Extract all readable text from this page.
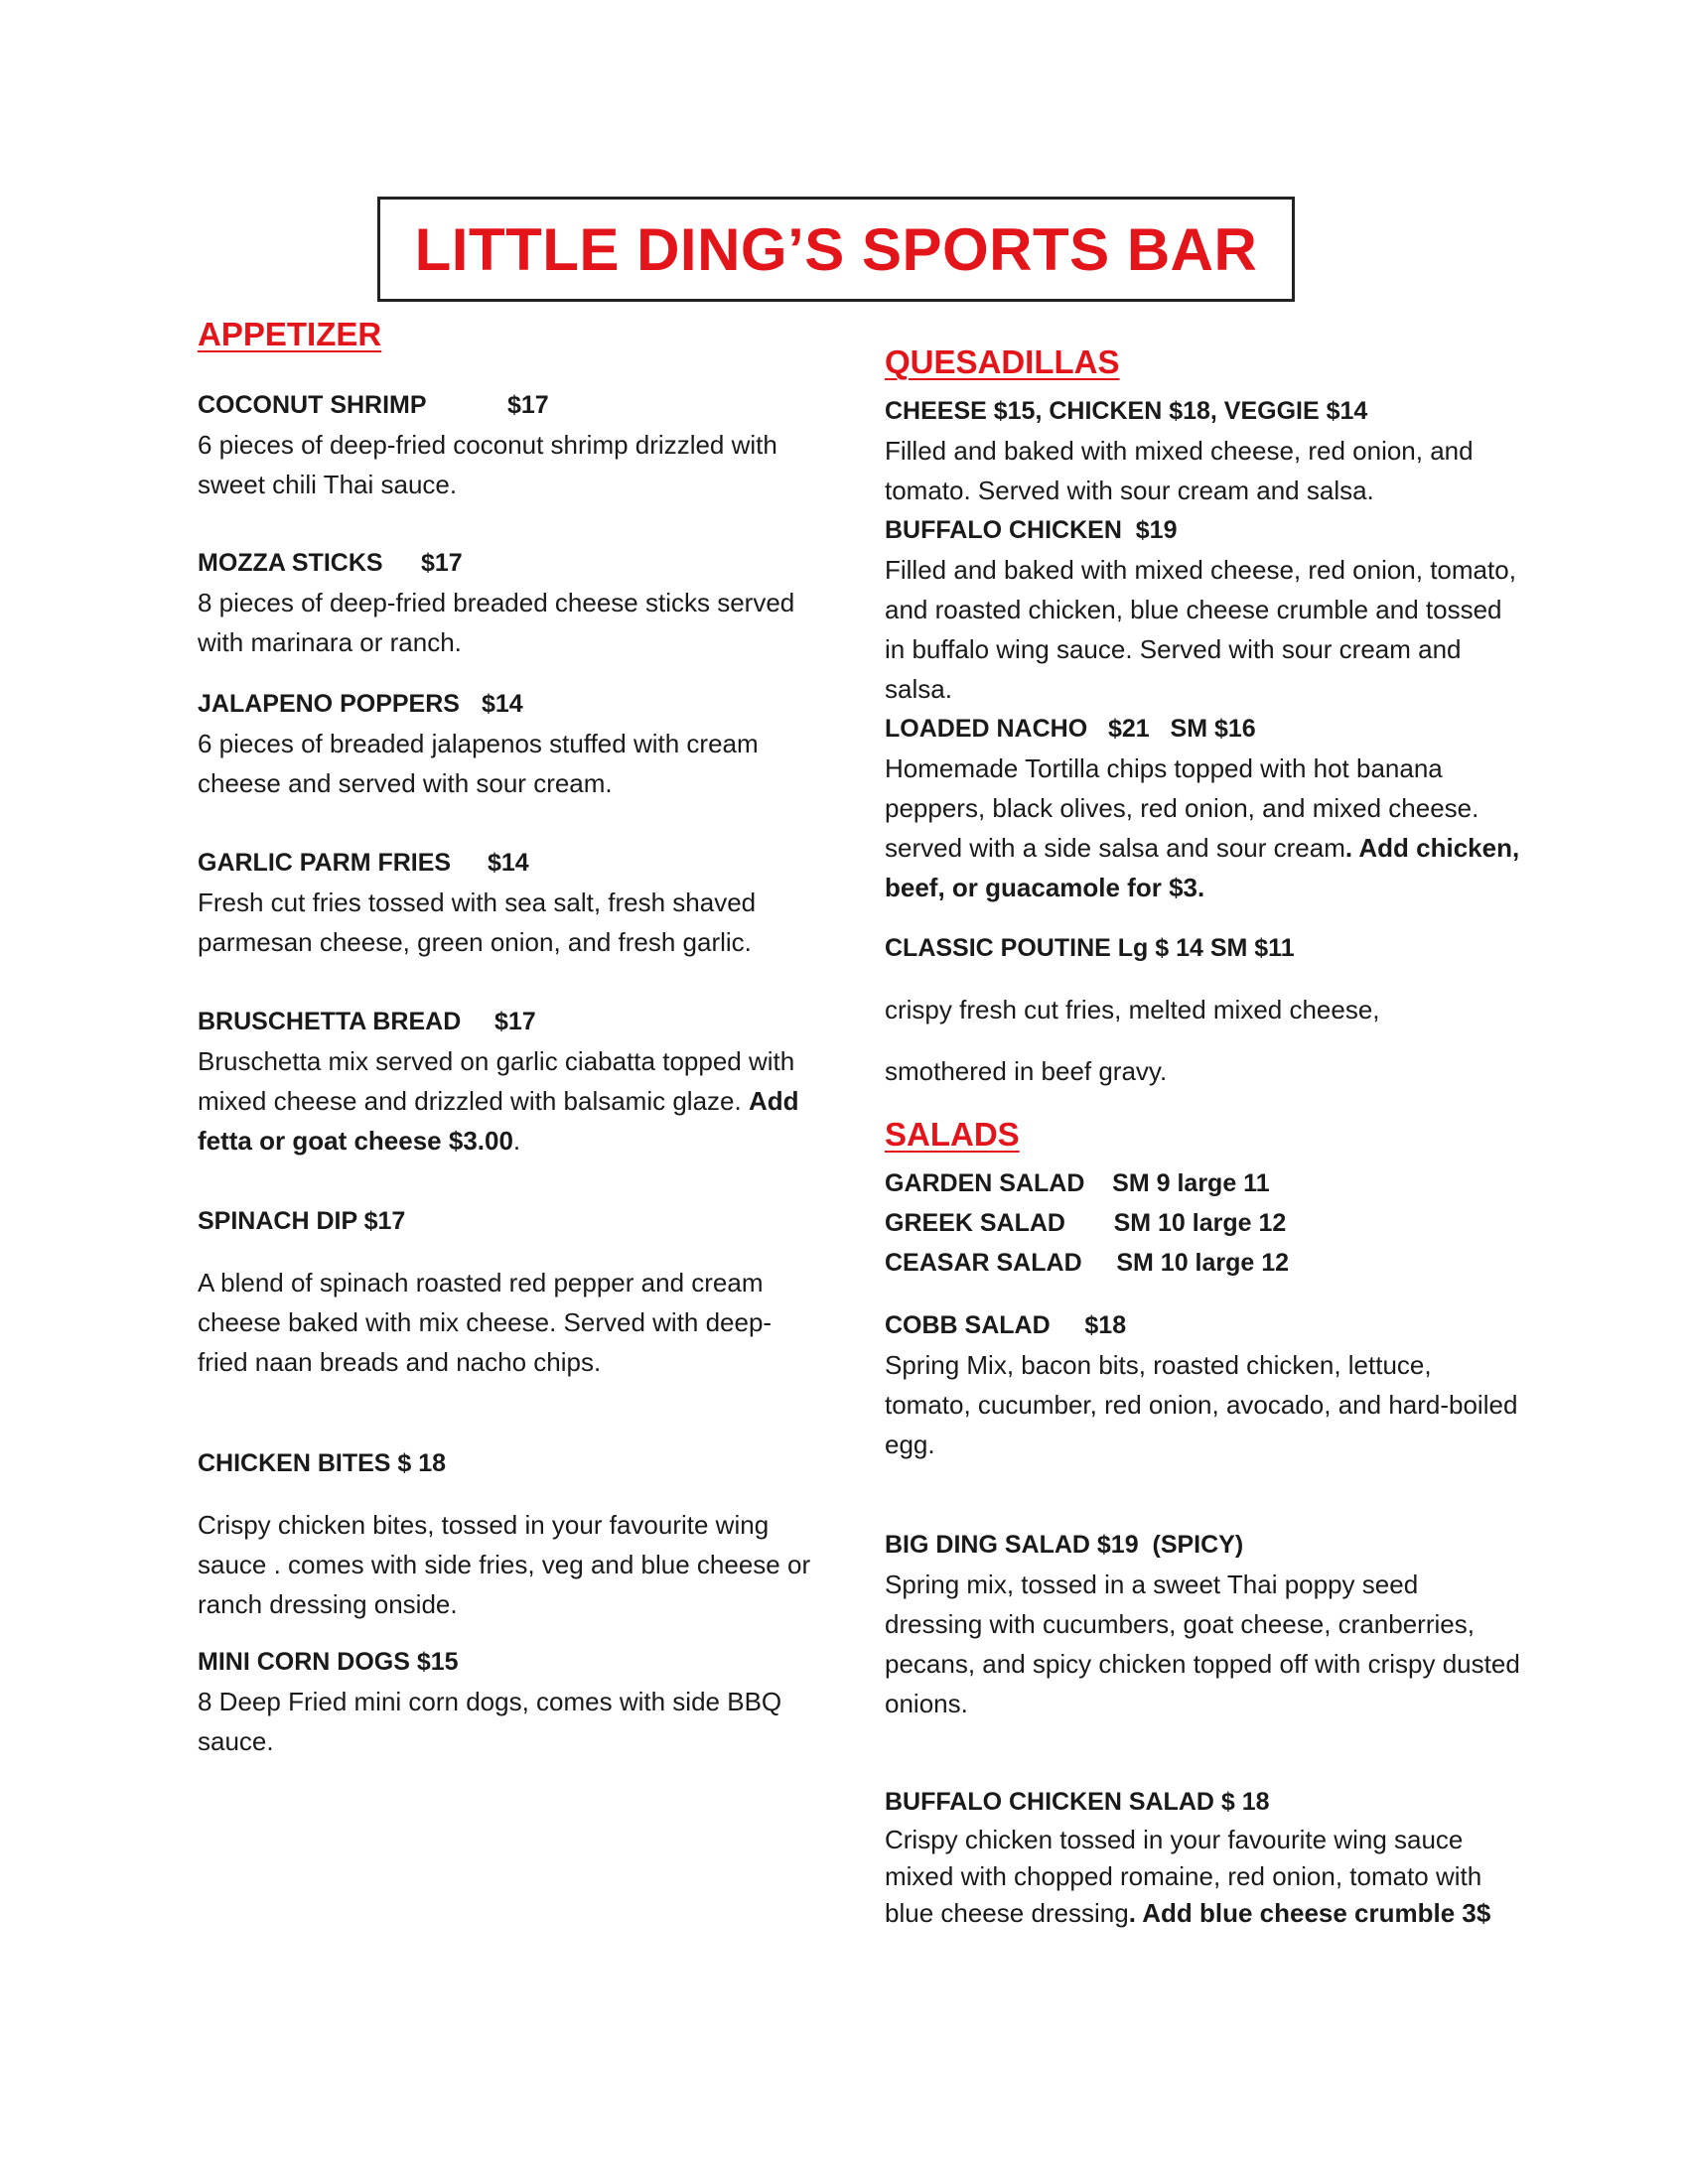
LITTLE DING’S SPORTS BAR
APPETIZER
COCONUT SHRIMP	$17
6 pieces of deep-fried coconut shrimp drizzled with sweet chili Thai sauce.
MOZZA STICKS $17
8 pieces of deep-fried breaded cheese sticks served with marinara or ranch.
JALAPENO POPPERS $14
6 pieces of breaded jalapenos stuffed with cream cheese and served with sour cream.
GARLIC PARM FRIES $14
Fresh cut fries tossed with sea salt, fresh shaved parmesan cheese, green onion, and fresh garlic.
BRUSCHETTA BREAD $17
Bruschetta mix served on garlic ciabatta topped with mixed cheese and drizzled with balsamic glaze. Add fetta or goat cheese $3.00.
SPINACH DIP $17
A blend of spinach roasted red pepper and cream cheese baked with mix cheese. Served with deep-fried naan breads and nacho chips.
CHICKEN BITES $ 18
Crispy chicken bites, tossed in your favourite wing sauce . comes with side fries, veg and blue cheese or ranch dressing onside.
MINI CORN DOGS $15
8 Deep Fried mini corn dogs, comes with side BBQ sauce.
QUESADILLAS
CHEESE $15, CHICKEN $18, VEGGIE $14
Filled and baked with mixed cheese, red onion, and tomato. Served with sour cream and salsa.
BUFFALO CHICKEN  $19
Filled and baked with mixed cheese, red onion, tomato, and roasted chicken, blue cheese crumble and tossed in buffalo wing sauce. Served with sour cream and salsa.
LOADED NACHO   $21   SM $16
Homemade Tortilla chips topped with hot banana peppers, black olives, red onion, and mixed cheese. served with a side salsa and sour cream. Add chicken, beef, or guacamole for $3.
CLASSIC POUTINE Lg $ 14 SM $11
crispy fresh cut fries, melted mixed cheese,
smothered in beef gravy.
SALADS
GARDEN SALAD    SM 9 large 11
GREEK SALAD       SM 10 large 12
CEASAR SALAD     SM 10 large 12
COBB SALAD     $18
Spring Mix, bacon bits, roasted chicken, lettuce, tomato, cucumber, red onion, avocado, and hard-boiled egg.
BIG DING SALAD $19  (SPICY)
Spring mix, tossed in a sweet Thai poppy seed dressing with cucumbers, goat cheese, cranberries, pecans, and spicy chicken topped off with crispy dusted onions.
BUFFALO CHICKEN SALAD $ 18
Crispy chicken tossed in your favourite wing sauce mixed with chopped romaine, red onion, tomato with blue cheese dressing. Add blue cheese crumble 3$
